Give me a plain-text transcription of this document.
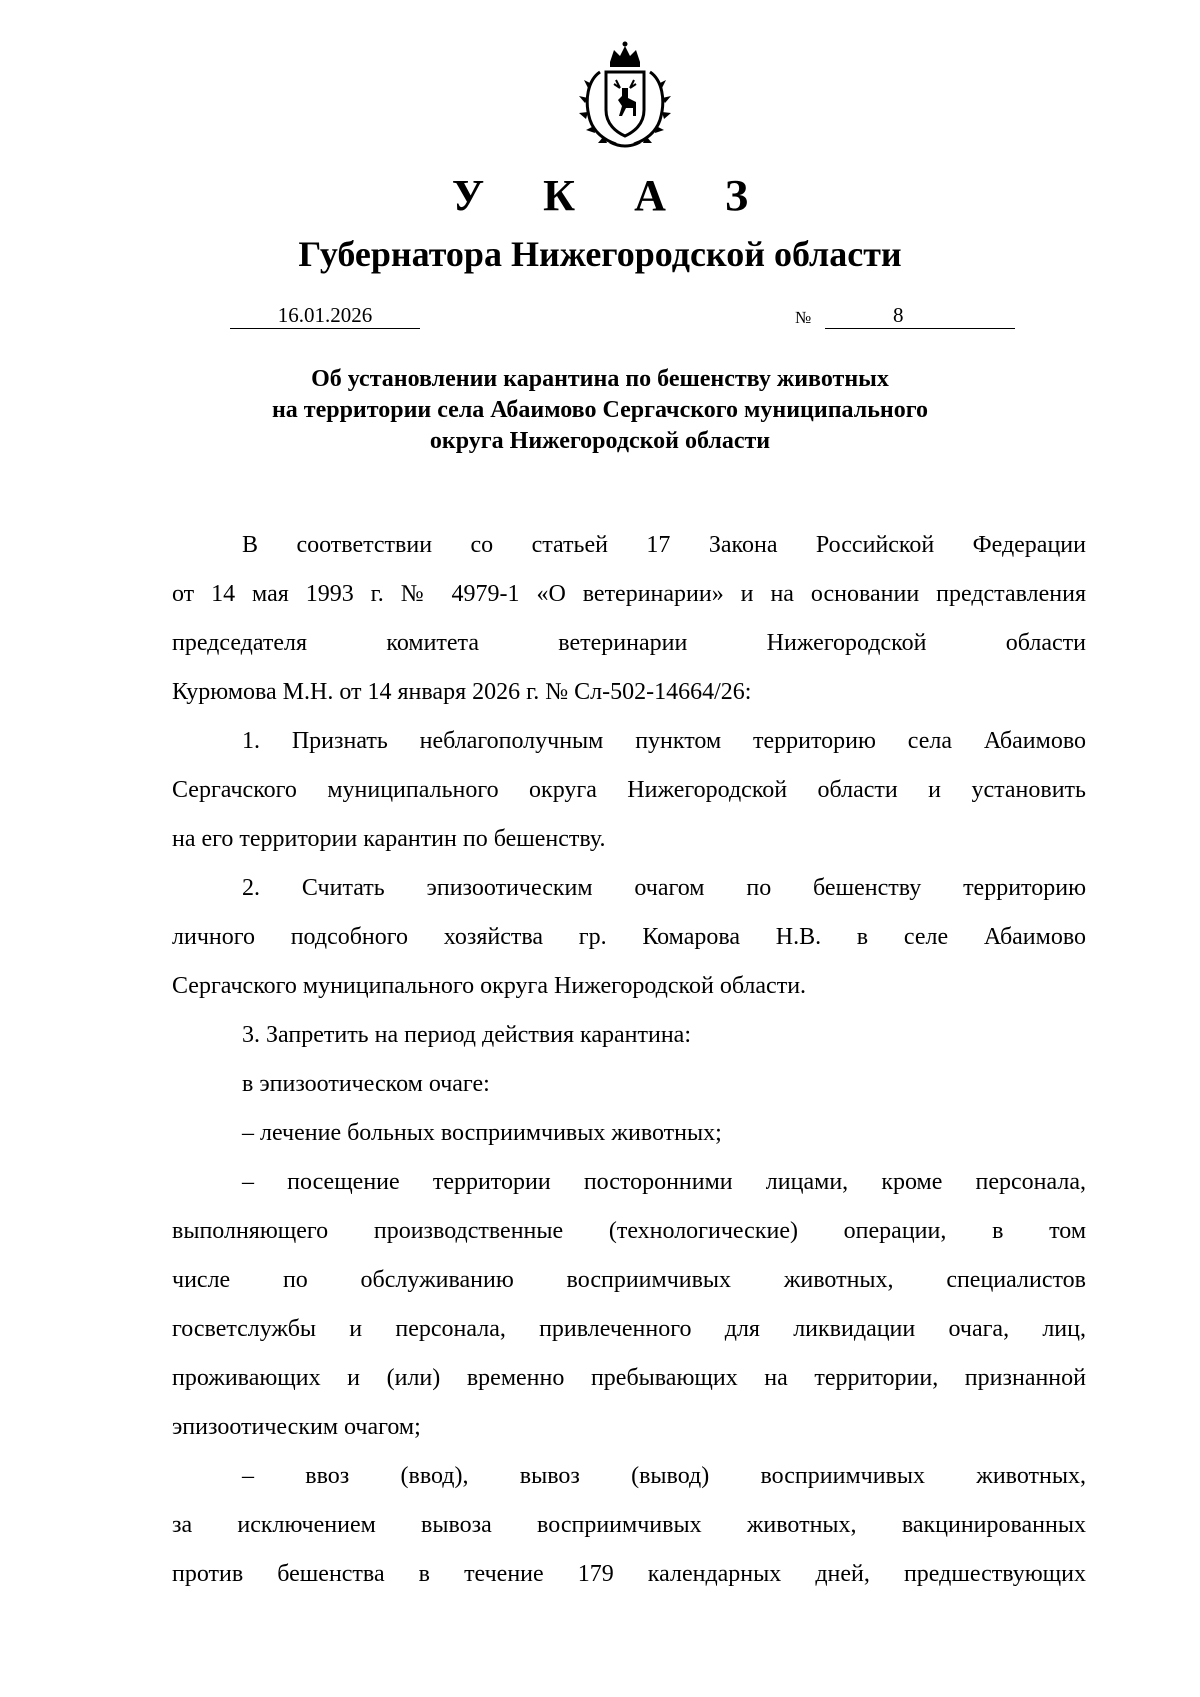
У К А З
Губернатора Нижегородской области
16.01.2026	№	8
Об установлении карантина по бешенству животных
на территории села Абаимово Сергачского муниципального
округа Нижегородской области
В соответствии со статьей 17 Закона Российской Федерации
от 14 мая 1993 г. № 4979-1 «О ветеринарии» и на основании представления
председателя комитета ветеринарии Нижегородской области
Курюмова М.Н. от 14 января 2026 г. № Сл-502-14664/26:
1. Признать неблагополучным пунктом территорию села Абаимово
Сергачского муниципального округа Нижегородской области и установить
на его территории карантин по бешенству.
2. Считать эпизоотическим очагом по бешенству территорию
личного подсобного хозяйства гр. Комарова Н.В. в селе Абаимово
Сергачского муниципального округа Нижегородской области.
3. Запретить на период действия карантина:
в эпизоотическом очаге:
– лечение больных восприимчивых животных;
– посещение территории посторонними лицами, кроме персонала,
выполняющего производственные (технологические) операции, в том
числе по обслуживанию восприимчивых животных, специалистов
госветслужбы и персонала, привлеченного для ликвидации очага, лиц,
проживающих и (или) временно пребывающих на территории, признанной
эпизоотическим очагом;
– ввоз (ввод), вывоз (вывод) восприимчивых животных,
за исключением вывоза восприимчивых животных, вакцинированных
против бешенства в течение 179 календарных дней, предшествующих
